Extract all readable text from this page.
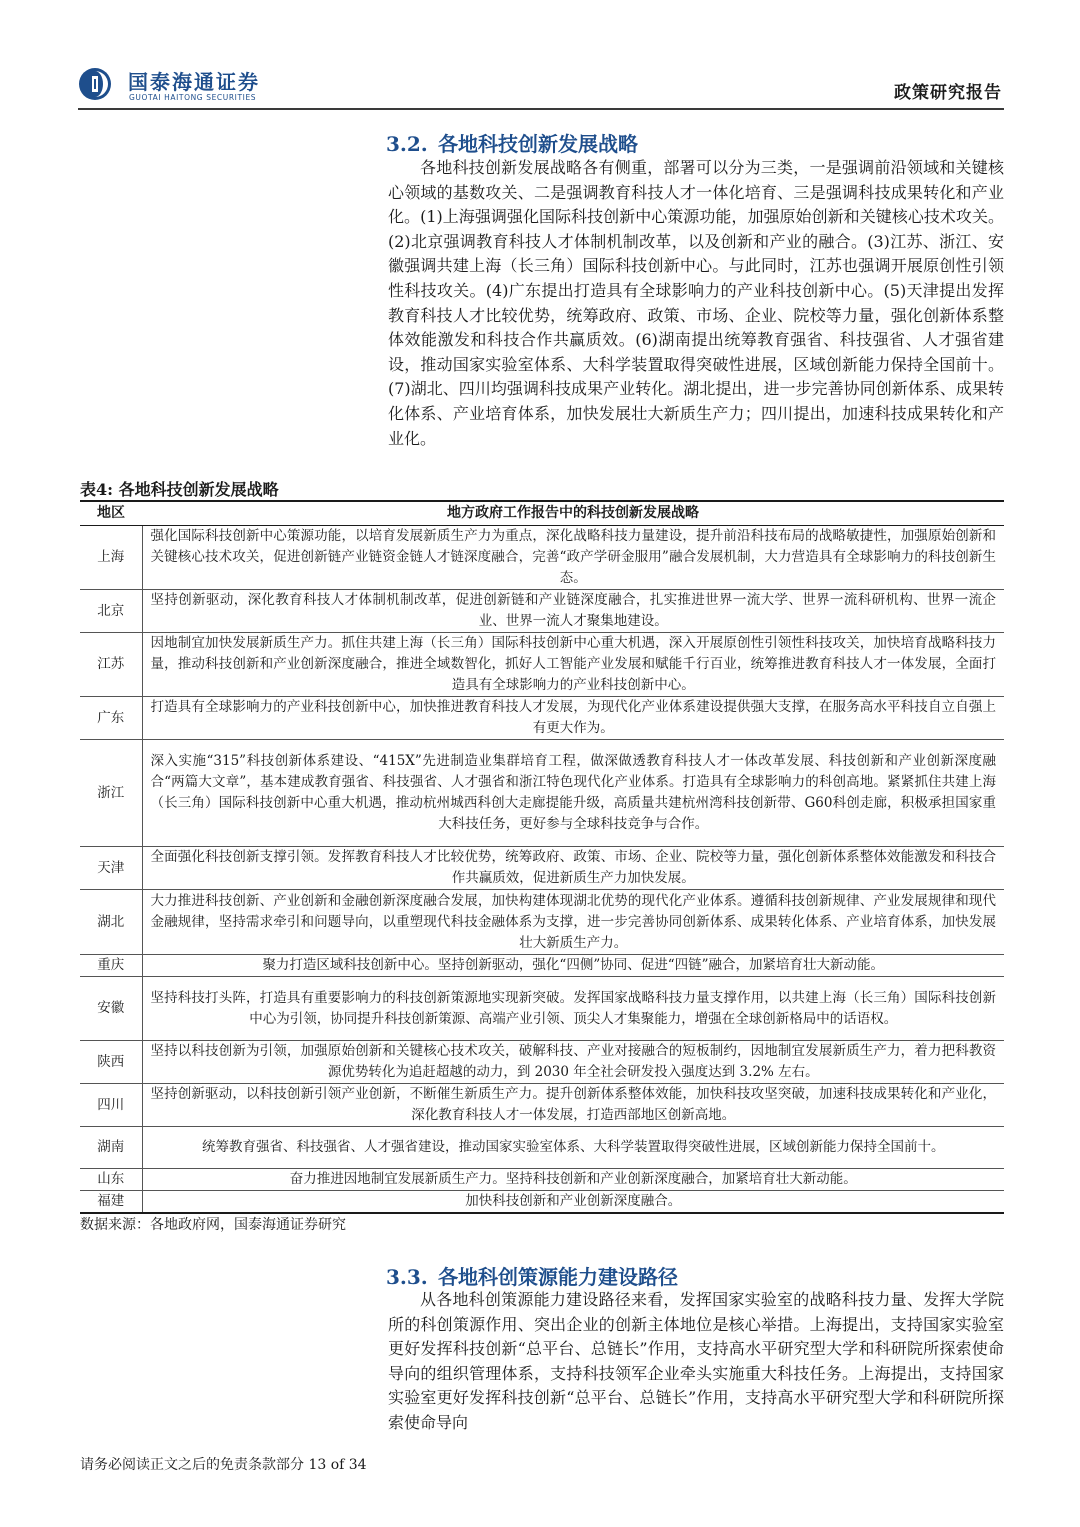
国泰海通证券
GUOTAI HAITONG SECURITIES	政策研究报告
3.2. 各地科技创新发展战略

各地科技创新发展战略各有侧重，部署可以分为三类，一是强调前沿领域和关键核心领域的基数攻关、二是强调教育科技人才一体化培育、三是强调科技成果转化和产业化。(1)上海强调强化国际科技创新中心策源功能，加强原始创新和关键核心技术攻关。(2)北京强调教育科技人才体制机制改革，以及创新和产业的融合。(3)江苏、浙江、安徽强调共建上海（长三角）国际科技创新中心。与此同时，江苏也强调开展原创性引领性科技攻关。(4)广东提出打造具有全球影响力的产业科技创新中心。(5)天津提出发挥教育科技人才比较优势，统筹政府、政策、市场、企业、院校等力量，强化创新体系整体效能激发和科技合作共赢质效。(6)湖南提出统筹教育强省、科技强省、人才强省建设，推动国家实验室体系、大科学装置取得突破性进展，区域创新能力保持全国前十。(7)湖北、四川均强调科技成果产业转化。湖北提出，进一步完善协同创新体系、成果转化体系、产业培育体系，加快发展壮大新质生产力；四川提出，加速科技成果转化和产业化。

表4: 各地科技创新发展战略
地区	地方政府工作报告中的科技创新发展战略
上海	强化国际科技创新中心策源功能，以培育发展新质生产力为重点，深化战略科技力量建设，提升前沿科技布局的战略敏捷性，加强原始创新和关键核心技术攻关，促进创新链产业链资金链人才链深度融合，完善“政产学研金服用”融合发展机制，大力营造具有全球影响力的科技创新生态。
北京	坚持创新驱动，深化教育科技人才体制机制改革，促进创新链和产业链深度融合，扎实推进世界一流大学、世界一流科研机构、世界一流企业、世界一流人才聚集地建设。
江苏	因地制宜加快发展新质生产力。抓住共建上海（长三角）国际科技创新中心重大机遇，深入开展原创性引领性科技攻关，加快培育战略科技力量，推动科技创新和产业创新深度融合，推进全域数智化，抓好人工智能产业发展和赋能千行百业，统筹推进教育科技人才一体发展，全面打造具有全球影响力的产业科技创新中心。
广东	打造具有全球影响力的产业科技创新中心，加快推进教育科技人才发展，为现代化产业体系建设提供强大支撑，在服务高水平科技自立自强上有更大作为。
浙江	深入实施“315”科技创新体系建设、“415X”先进制造业集群培育工程，做深做透教育科技人才一体改革发展、科技创新和产业创新深度融合“两篇大文章”，基本建成教育强省、科技强省、人才强省和浙江特色现代化产业体系。打造具有全球影响力的科创高地。紧紧抓住共建上海（长三角）国际科技创新中心重大机遇，推动杭州城西科创大走廊提能升级，高质量共建杭州湾科技创新带、G60科创走廊，积极承担国家重大科技任务，更好参与全球科技竞争与合作。
天津	全面强化科技创新支撑引领。发挥教育科技人才比较优势，统筹政府、政策、市场、企业、院校等力量，强化创新体系整体效能激发和科技合作共赢质效，促进新质生产力加快发展。
湖北	大力推进科技创新、产业创新和金融创新深度融合发展，加快构建体现湖北优势的现代化产业体系。遵循科技创新规律、产业发展规律和现代金融规律，坚持需求牵引和问题导向，以重塑现代科技金融体系为支撑，进一步完善协同创新体系、成果转化体系、产业培育体系，加快发展壮大新质生产力。
重庆	聚力打造区域科技创新中心。坚持创新驱动，强化“四侧”协同、促进“四链”融合，加紧培育壮大新动能。
安徽	坚持科技打头阵，打造具有重要影响力的科技创新策源地实现新突破。发挥国家战略科技力量支撑作用，以共建上海（长三角）国际科技创新中心为引领，协同提升科技创新策源、高端产业引领、顶尖人才集聚能力，增强在全球创新格局中的话语权。
陕西	坚持以科技创新为引领，加强原始创新和关键核心技术攻关，破解科技、产业对接融合的短板制约，因地制宜发展新质生产力，着力把科教资源优势转化为追赶超越的动力，到 2030 年全社会研发投入强度达到 3.2% 左右。
四川	坚持创新驱动，以科技创新引领产业创新，不断催生新质生产力。提升创新体系整体效能，加快科技攻坚突破，加速科技成果转化和产业化，深化教育科技人才一体发展，打造西部地区创新高地。
湖南	统筹教育强省、科技强省、人才强省建设，推动国家实验室体系、大科学装置取得突破性进展，区域创新能力保持全国前十。
山东	奋力推进因地制宜发展新质生产力。坚持科技创新和产业创新深度融合，加紧培育壮大新动能。
福建	加快科技创新和产业创新深度融合。
数据来源：各地政府网，国泰海通证券研究
3.3. 各地科创策源能力建设路径

从各地科创策源能力建设路径来看，发挥国家实验室的战略科技力量、发挥大学院所的科创策源作用、突出企业的创新主体地位是核心举措。上海提出，支持国家实验室更好发挥科技创新“总平台、总链长”作用，支持高水平研究型大学和科研院所探索使命导向的组织管理体系，支持科技领军企业牵头实施重大科技任务。上海提出，支持国家实验室更好发挥科技创新“总平台、总链长”作用，支持高水平研究型大学和科研院所探索使命导向

请务必阅读正文之后的免责条款部分 13 of 34
